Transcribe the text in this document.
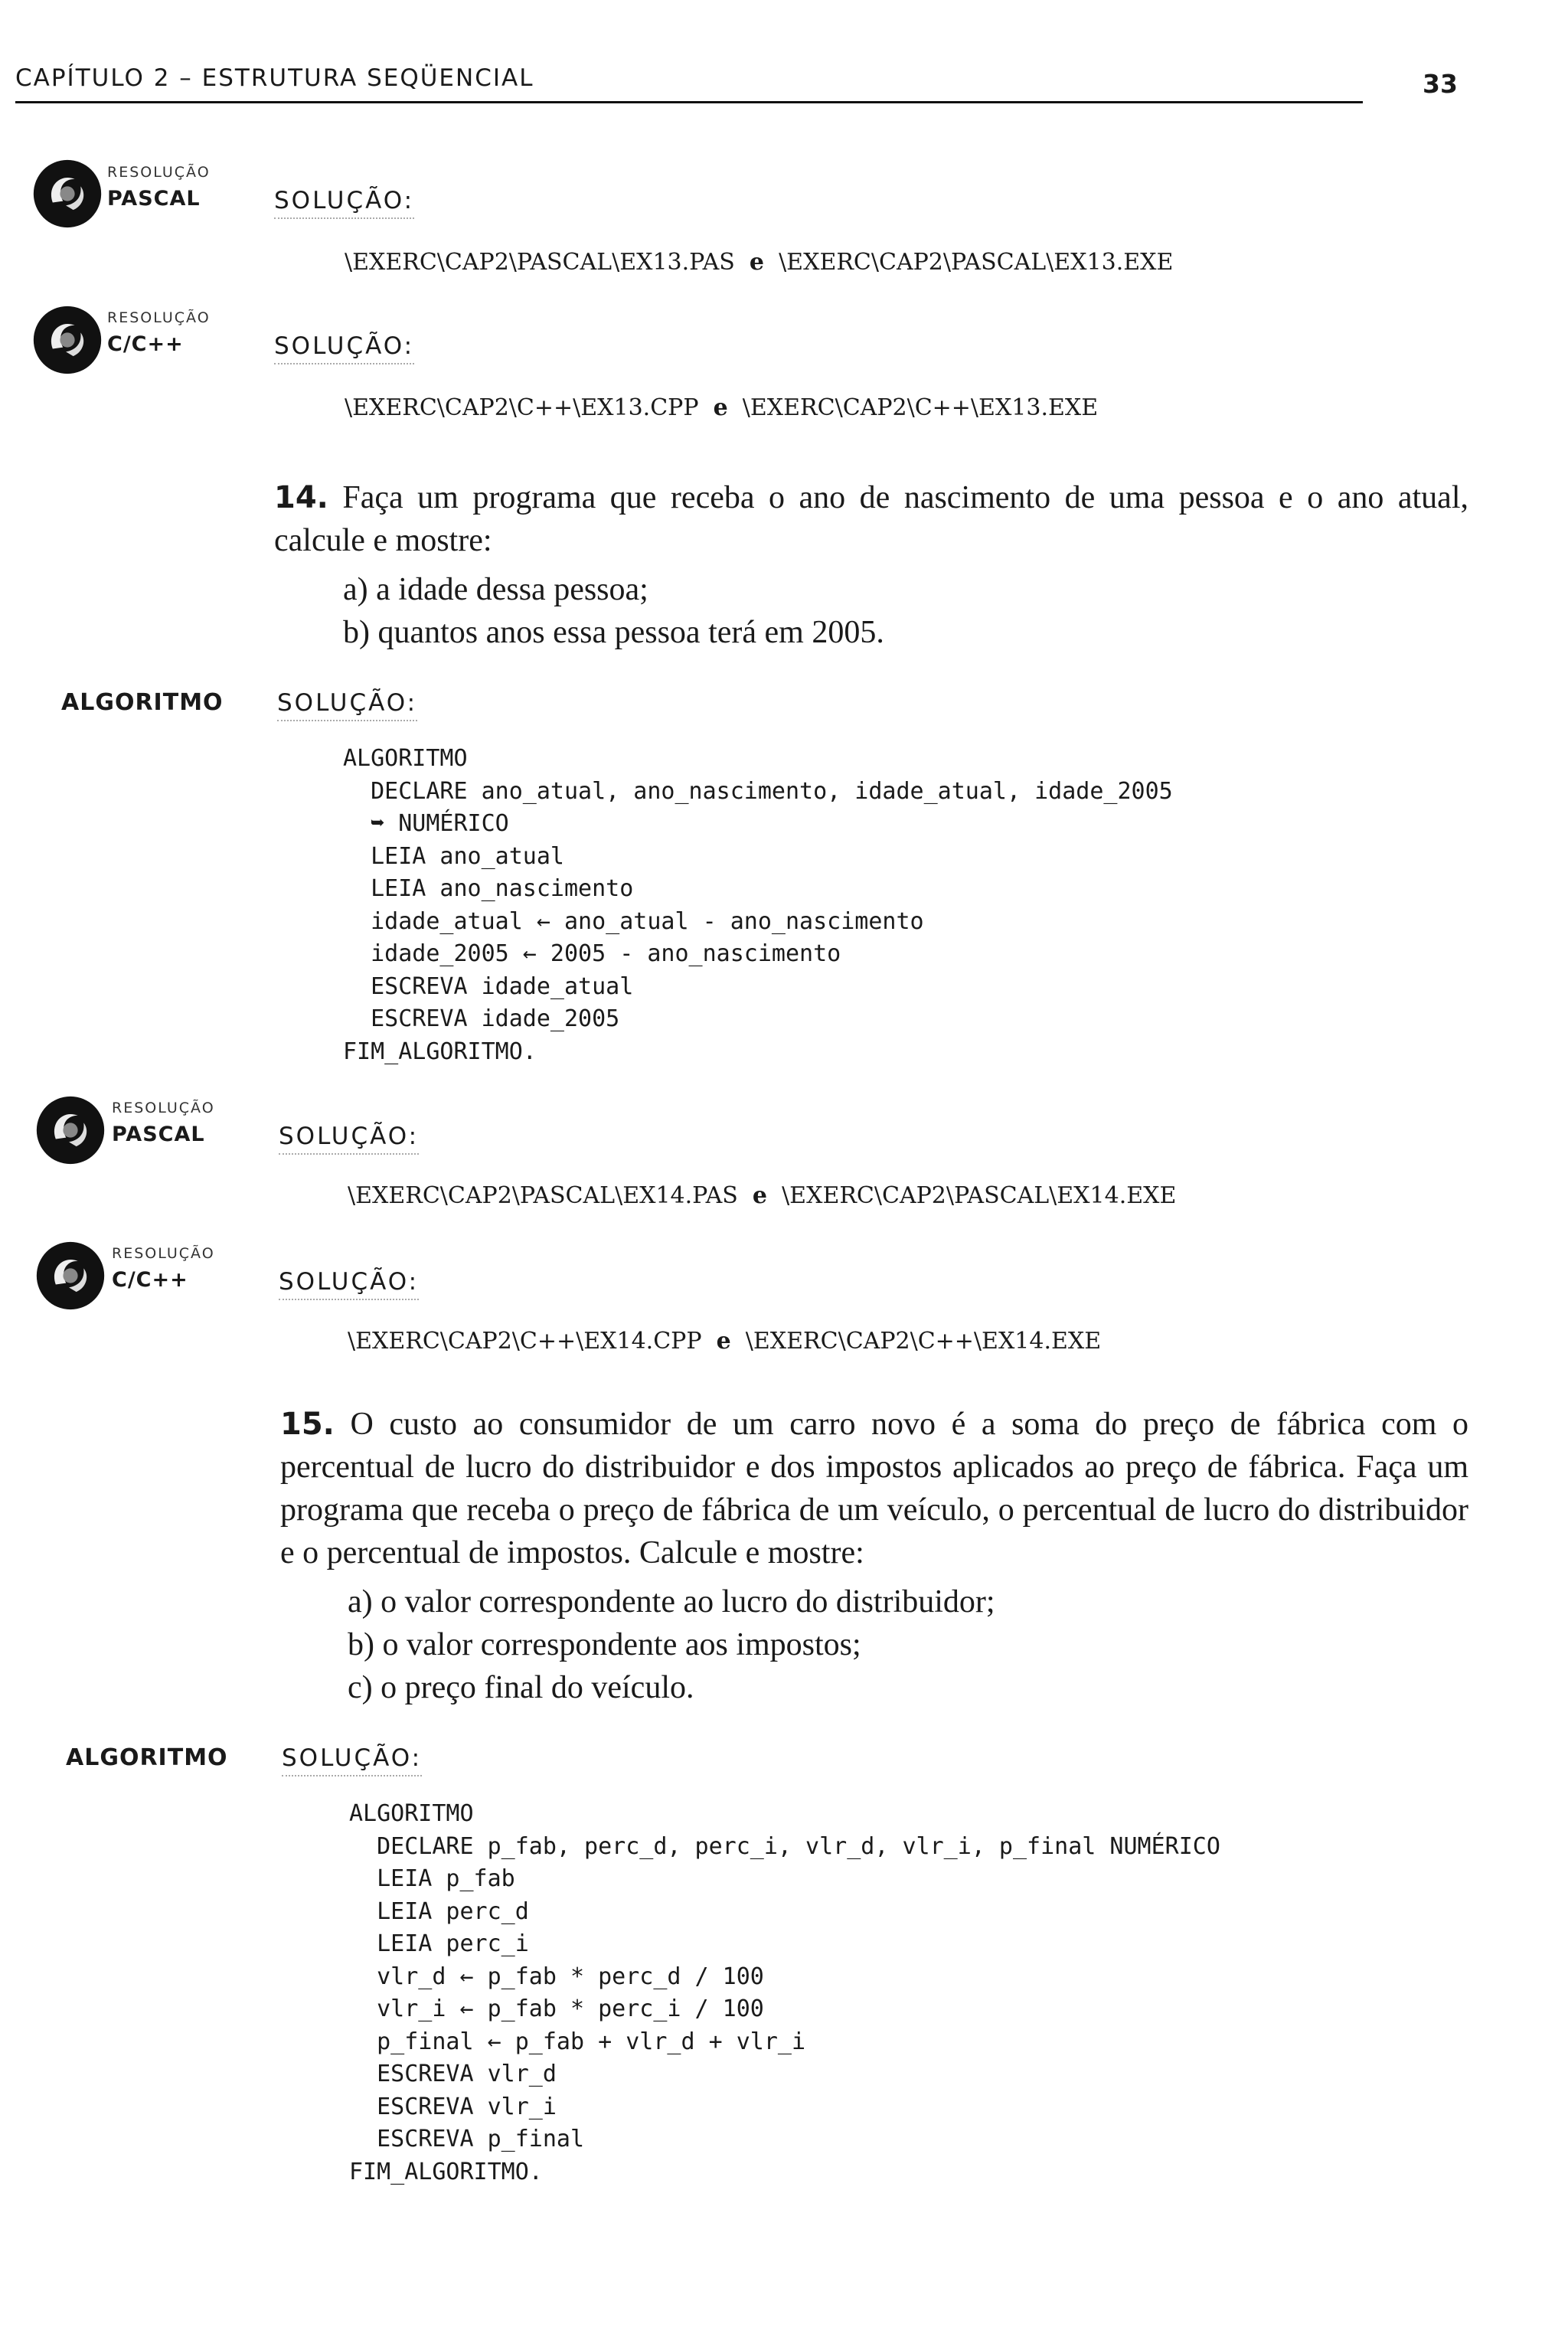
CAPÍTULO 2 – ESTRUTURA SEQÜENCIAL	33
RESOLUÇÃO
PASCAL	SOLUÇÃO:
\EXERC\CAP2\PASCAL\EX13.PAS e \EXERC\CAP2\PASCAL\EX13.EXE
RESOLUÇÃO
C/C++	SOLUÇÃO:
\EXERC\CAP2\C++\EX13.CPP e \EXERC\CAP2\C++\EX13.EXE
14. Faça um programa que receba o ano de nascimento de uma pessoa e o ano atual, calcule e mostre:
a) a idade dessa pessoa;
b) quantos anos essa pessoa terá em 2005.
ALGORITMO SOLUÇÃO:
ALGORITMO
DECLARE ano_atual, ano_nascimento, idade_atual, idade_2005
➥ NUMÉRICO
LEIA ano_atual
LEIA ano_nascimento
idade_atual ← ano_atual - ano_nascimento
idade_2005 ← 2005 - ano_nascimento
ESCREVA idade_atual
ESCREVA idade_2005
FIM_ALGORITMO.
RESOLUÇÃO
PASCAL	SOLUÇÃO:
\EXERC\CAP2\PASCAL\EX14.PAS e \EXERC\CAP2\PASCAL\EX14.EXE
RESOLUÇÃO
C/C++	SOLUÇÃO:
\EXERC\CAP2\C++\EX14.CPP e \EXERC\CAP2\C++\EX14.EXE
15. O custo ao consumidor de um carro novo é a soma do preço de fábrica com o percentual de lucro do distribuidor e dos impostos aplicados ao preço de fábrica. Faça um programa que receba o preço de fábrica de um veículo, o percentual de lucro do distribuidor e o percentual de impostos. Calcule e mostre:
a) o valor correspondente ao lucro do distribuidor;
b) o valor correspondente aos impostos;
c) o preço final do veículo.
ALGORITMO SOLUÇÃO:
ALGORITMO
DECLARE p_fab, perc_d, perc_i, vlr_d, vlr_i, p_final NUMÉRICO
LEIA p_fab
LEIA perc_d
LEIA perc_i
vlr_d ← p_fab * perc_d / 100
vlr_i ← p_fab * perc_i / 100
p_final ← p_fab + vlr_d + vlr_i
ESCREVA vlr_d
ESCREVA vlr_i
ESCREVA p_final
FIM_ALGORITMO.
